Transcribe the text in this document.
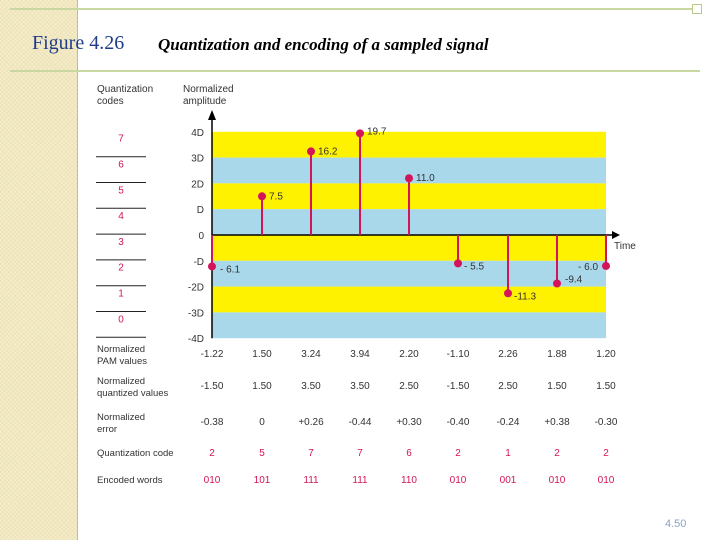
Figure 4.26 Quantization and encoding of a sampled signal
Time
Quantization
codes
Normalized
amplitude
-4D
-3D
-2D
-D
0
D
2D
3D
4D
0
1
2
3
4
5
6
7
- 6.1
7.5
16.2
19.7
11.0
- 5.5
-11.3
-9.4
- 6.0
Normalized
PAM values
-1.22	1.50	3.24	3.94	2.20	-1.10	2.26	1.88	1.20
Normalized
quantized values
-1.50	1.50	3.50	3.50	2.50	-1.50	2.50	1.50	1.50
Normalized
error
-0.38	0	+0.26 -0.44 +0.30 -0.40	-0.24 +0.38 -0.30
Quantization code	2	5	7	7	6	2	1	2	2
Encoded words	010	101	111	111	110	010	001	010	010
4.50
